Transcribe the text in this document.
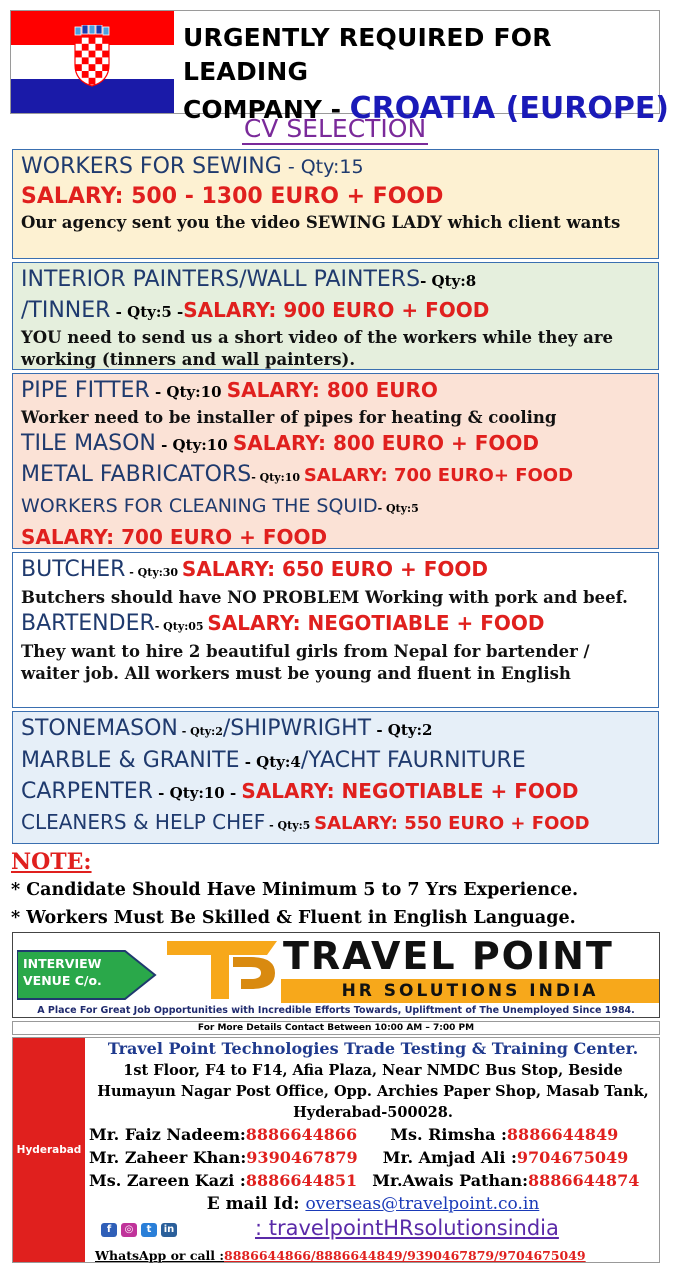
URGENTLY REQUIRED FOR LEADING
COMPANY - CROATIA (EUROPE)
CV SELECTION
WORKERS FOR SEWING - Qty:15
SALARY: 500 - 1300 EURO + FOOD
Our agency sent you the video SEWING LADY which client wants
INTERIOR PAINTERS/WALL PAINTERS- Qty:8
/TINNER - Qty:5 -SALARY: 900 EURO + FOOD
YOU need to send us a short video of the workers while they are working (tinners and wall painters).
PIPE FITTER - Qty:10 SALARY: 800 EURO
Worker need to be installer of pipes for heating & cooling
TILE MASON - Qty:10 SALARY: 800 EURO + FOOD
METAL FABRICATORS- Qty:10 SALARY: 700 EURO+ FOOD
WORKERS FOR CLEANING THE SQUID- Qty:5
SALARY: 700 EURO + FOOD
BUTCHER - Qty:30 SALARY: 650 EURO + FOOD
Butchers should have NO PROBLEM Working with pork and beef.
BARTENDER- Qty:05 SALARY: NEGOTIABLE + FOOD
They want to hire 2 beautiful girls from Nepal for bartender / waiter job. All workers must be young and fluent in English
STONEMASON - Qty:2/SHIPWRIGHT - Qty:2
MARBLE & GRANITE - Qty:4/YACHT FAURNITURE
CARPENTER - Qty:10 - SALARY: NEGOTIABLE + FOOD
CLEANERS & HELP CHEF - Qty:5 SALARY: 550 EURO + FOOD
NOTE:
* Candidate Should Have Minimum 5 to 7 Yrs Experience.
* Workers Must Be Skilled & Fluent in English Language.
INTERVIEW
VENUE C/o.
TRAVEL POINT
HR SOLUTIONS INDIA
A Place For Great Job Opportunities with Incredible Efforts Towards, Upliftment of The Unemployed Since 1984.
For More Details Contact Between 10:00 AM – 7:00 PM
Hyderabad
Travel Point Technologies Trade Testing & Training Center.
1st Floor, F4 to F14, Afia Plaza, Near NMDC Bus Stop, Beside
Humayun Nagar Post Office, Opp. Archies Paper Shop, Masab Tank,
Hyderabad-500028.
Mr. Faiz Nadeem:8886644866 Ms. Rimsha :8886644849
Mr. Zaheer Khan:9390467879 Mr. Amjad Ali :9704675049
Ms. Zareen Kazi :8886644851 Mr.Awais Pathan:8886644874
E mail Id: overseas@travelpoint.co.in
f	◎	t	in	: travelpointHRsolutionsindia
WhatsApp or call :8886644866/8886644849/9390467879/9704675049
